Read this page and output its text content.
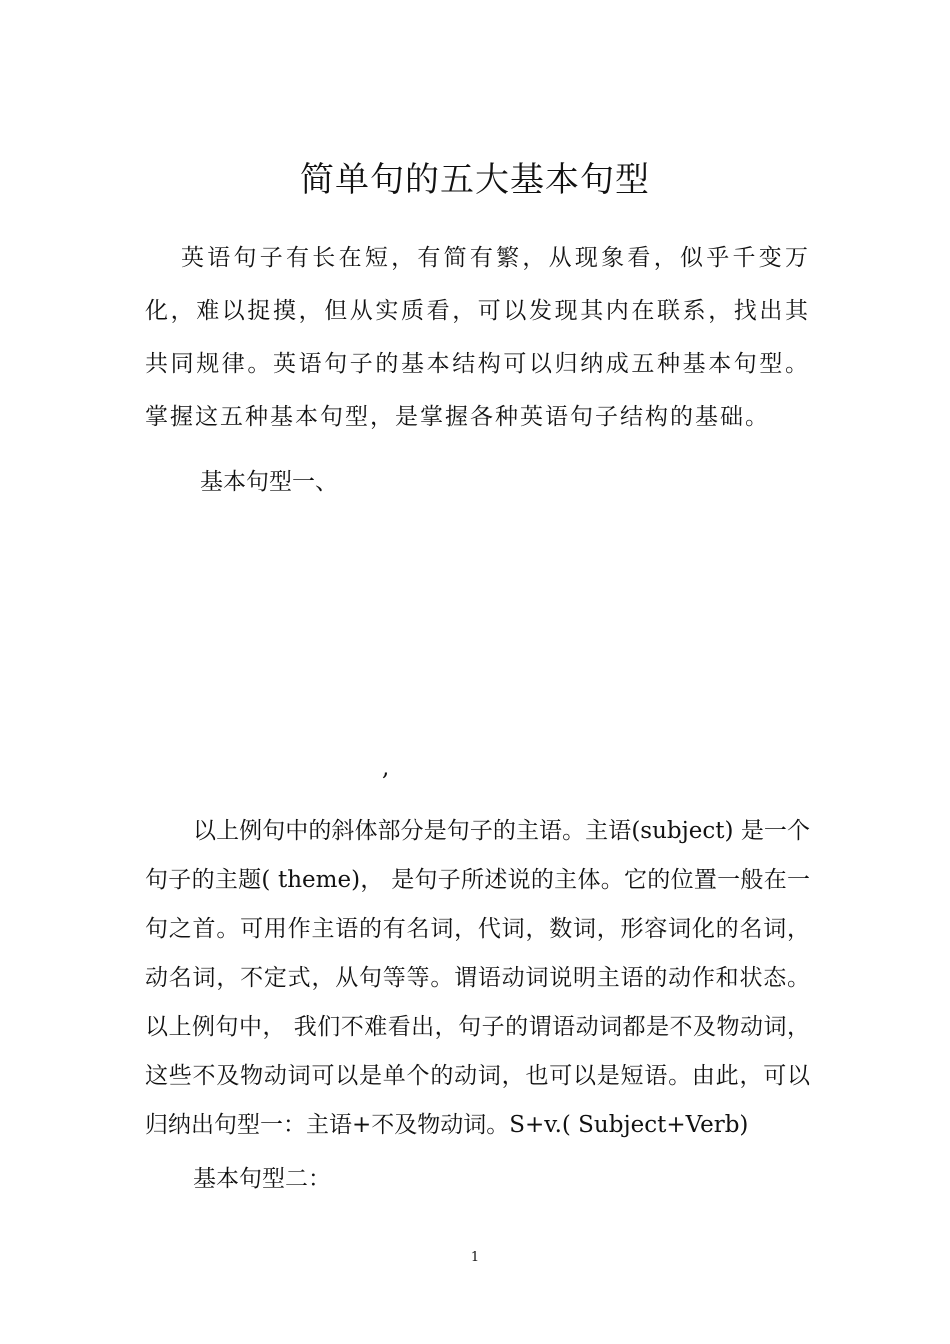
简单句的五大基本句型

英语句子有长在短，有简有繁，从现象看，似乎千变万化，难以捉摸，但从实质看，可以发现其内在联系，找出其共同规律。英语句子的基本结构可以归纳成五种基本句型。掌握这五种基本句型，是掌握各种英语句子结构的基础。

基本句型一、

,

以上例句中的斜体部分是句子的主语。主语(subject) 是一个句子的主题( theme)， 是句子所述说的主体。它的位置一般在一句之首。可用作主语的有名词，代词，数词，形容词化的名词，动名词，不定式，从句等等。谓语动词说明主语的动作和状态。以上例句中， 我们不难看出，句子的谓语动词都是不及物动词，这些不及物动词可以是单个的动词，也可以是短语。由此，可以归纳出句型一：主语+不及物动词。S+v.( Subject+Verb)

基本句型二：

1
